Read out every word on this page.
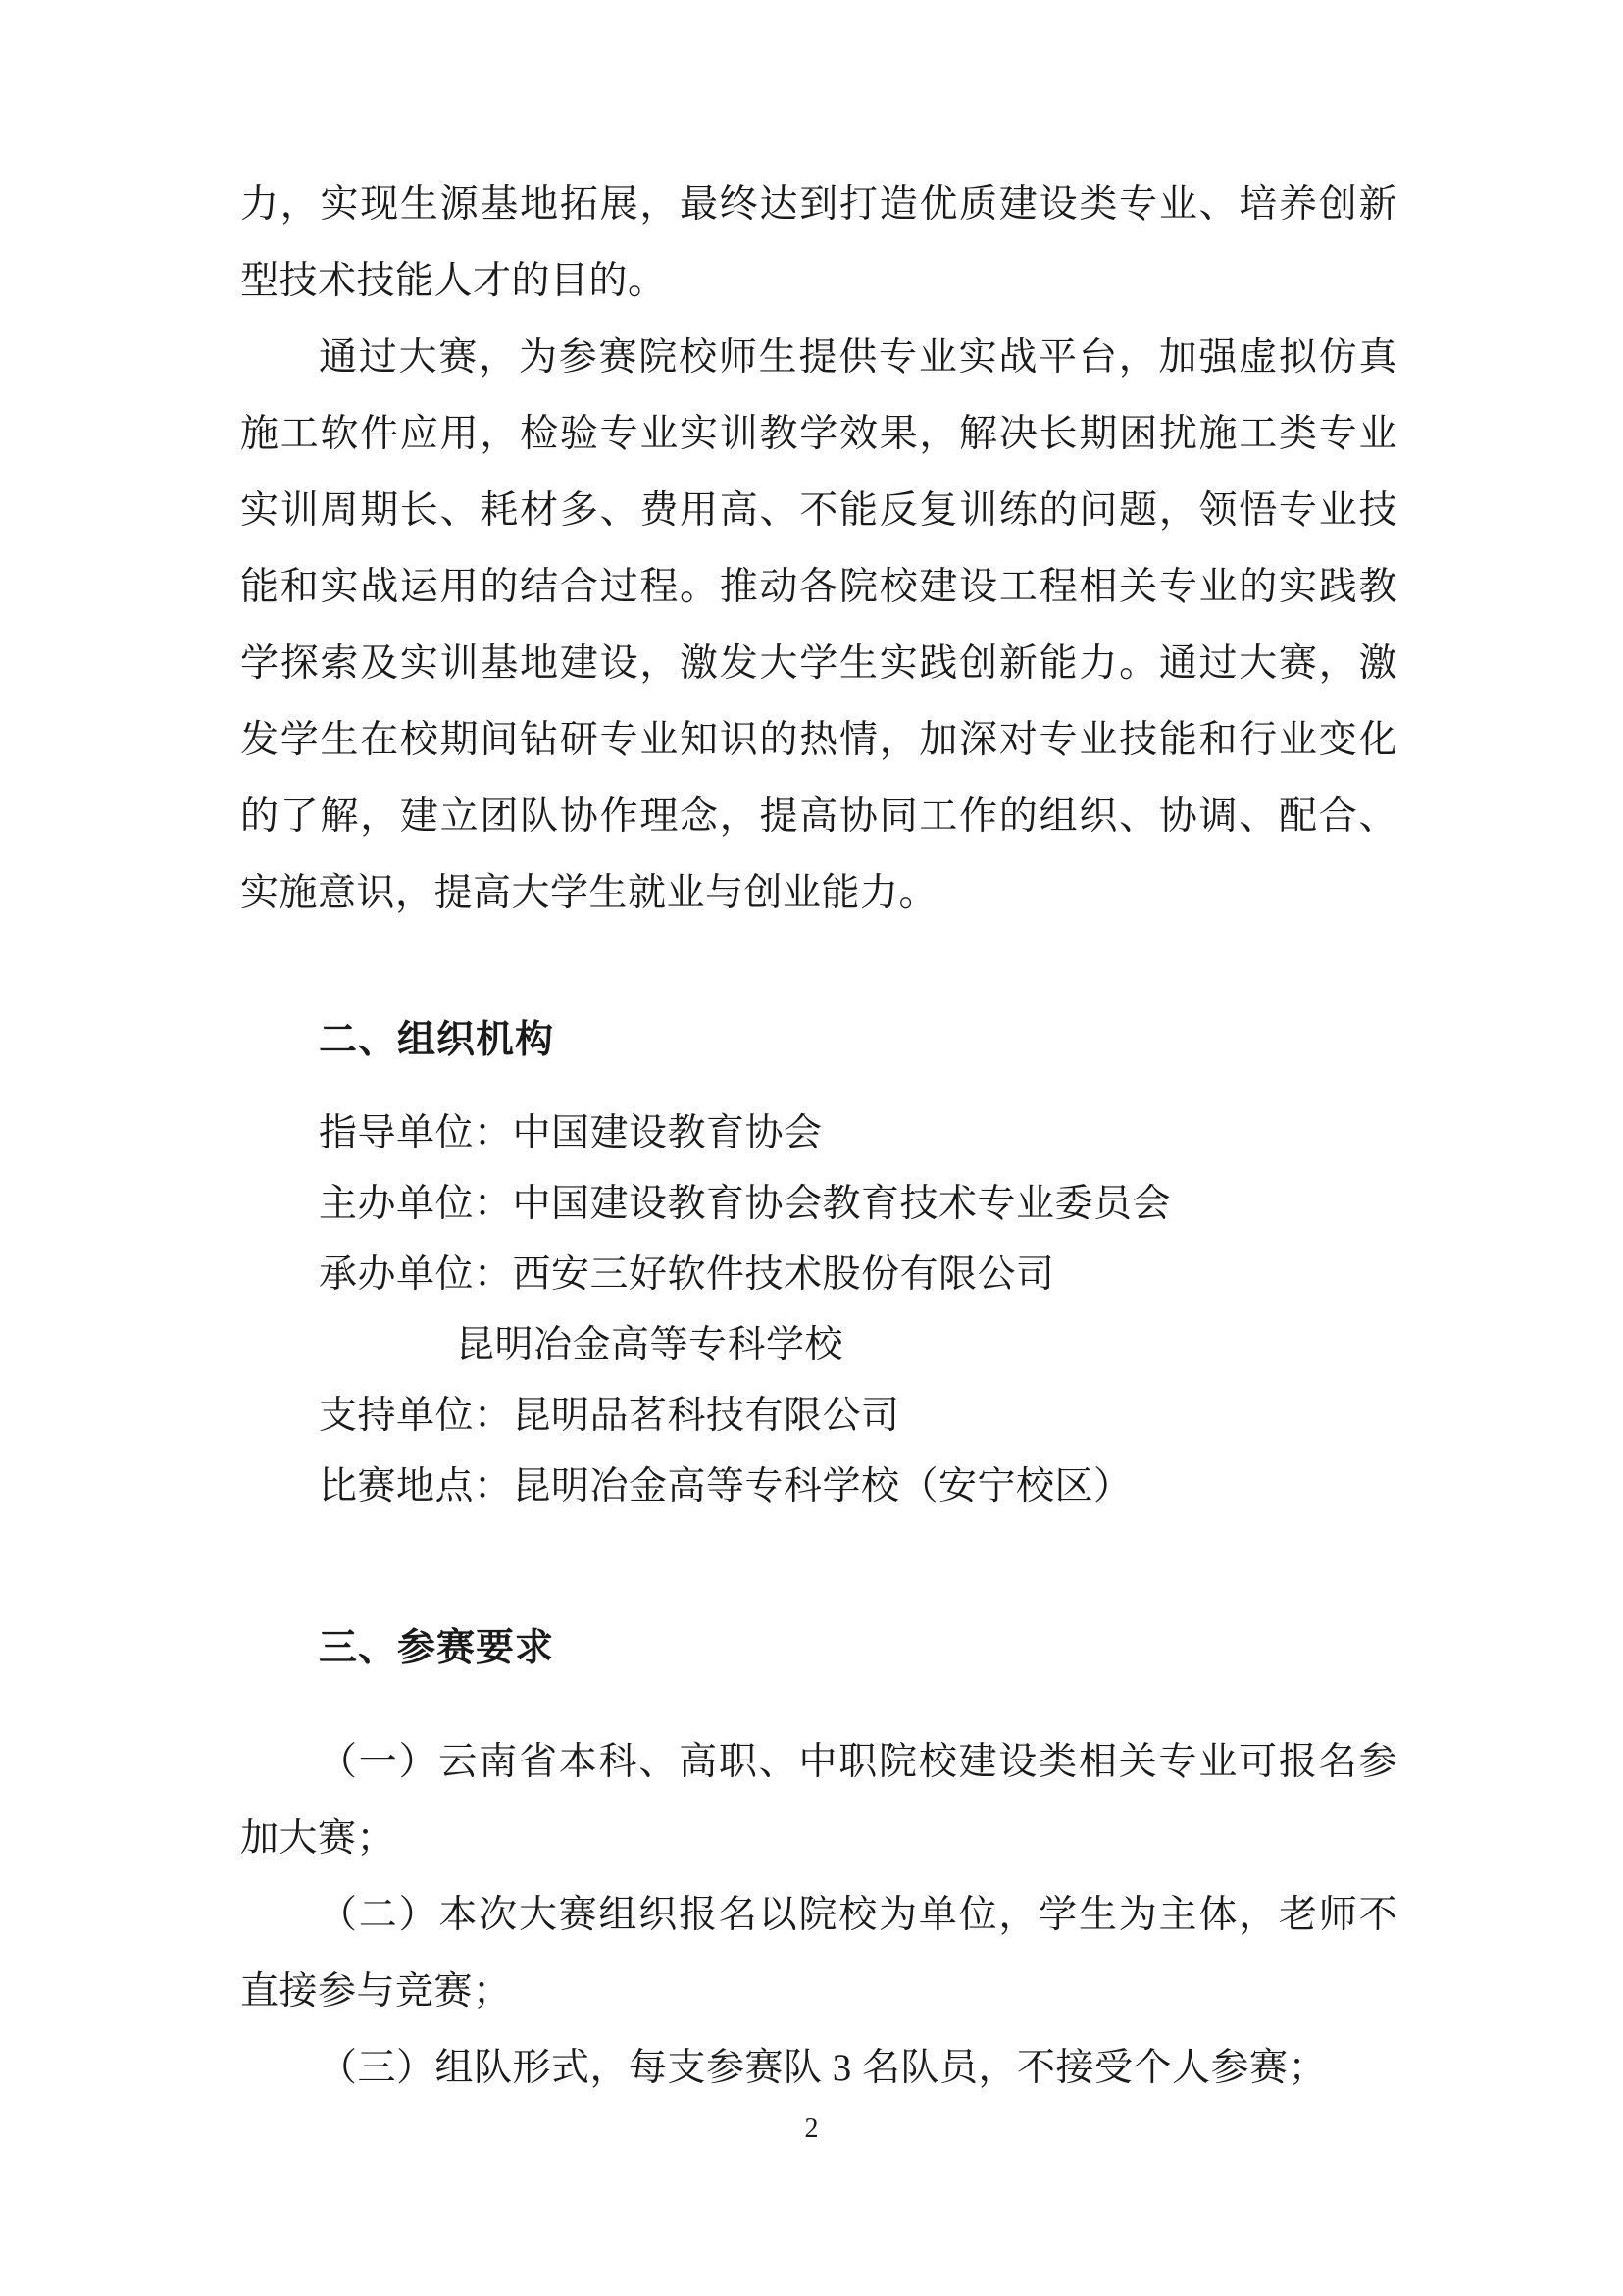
力，实现生源基地拓展，最终达到打造优质建设类专业、培养创新型技术技能人才的目的。

通过大赛，为参赛院校师生提供专业实战平台，加强虚拟仿真施工软件应用，检验专业实训教学效果，解决长期困扰施工类专业实训周期长、耗材多、费用高、不能反复训练的问题，领悟专业技能和实战运用的结合过程。推动各院校建设工程相关专业的实践教学探索及实训基地建设，激发大学生实践创新能力。通过大赛，激发学生在校期间钻研专业知识的热情，加深对专业技能和行业变化的了解，建立团队协作理念，提高协同工作的组织、协调、配合、实施意识，提高大学生就业与创业能力。

二、组织机构
指导单位：中国建设教育协会
主办单位：中国建设教育协会教育技术专业委员会
承办单位：西安三好软件技术股份有限公司
昆明冶金高等专科学校
支持单位：昆明品茗科技有限公司
比赛地点：昆明冶金高等专科学校（安宁校区）
三、参赛要求

（一）云南省本科、高职、中职院校建设类相关专业可报名参加大赛；

（二）本次大赛组织报名以院校为单位，学生为主体，老师不直接参与竞赛；

（三）组队形式，每支参赛队 3 名队员，不接受个人参赛；

2
